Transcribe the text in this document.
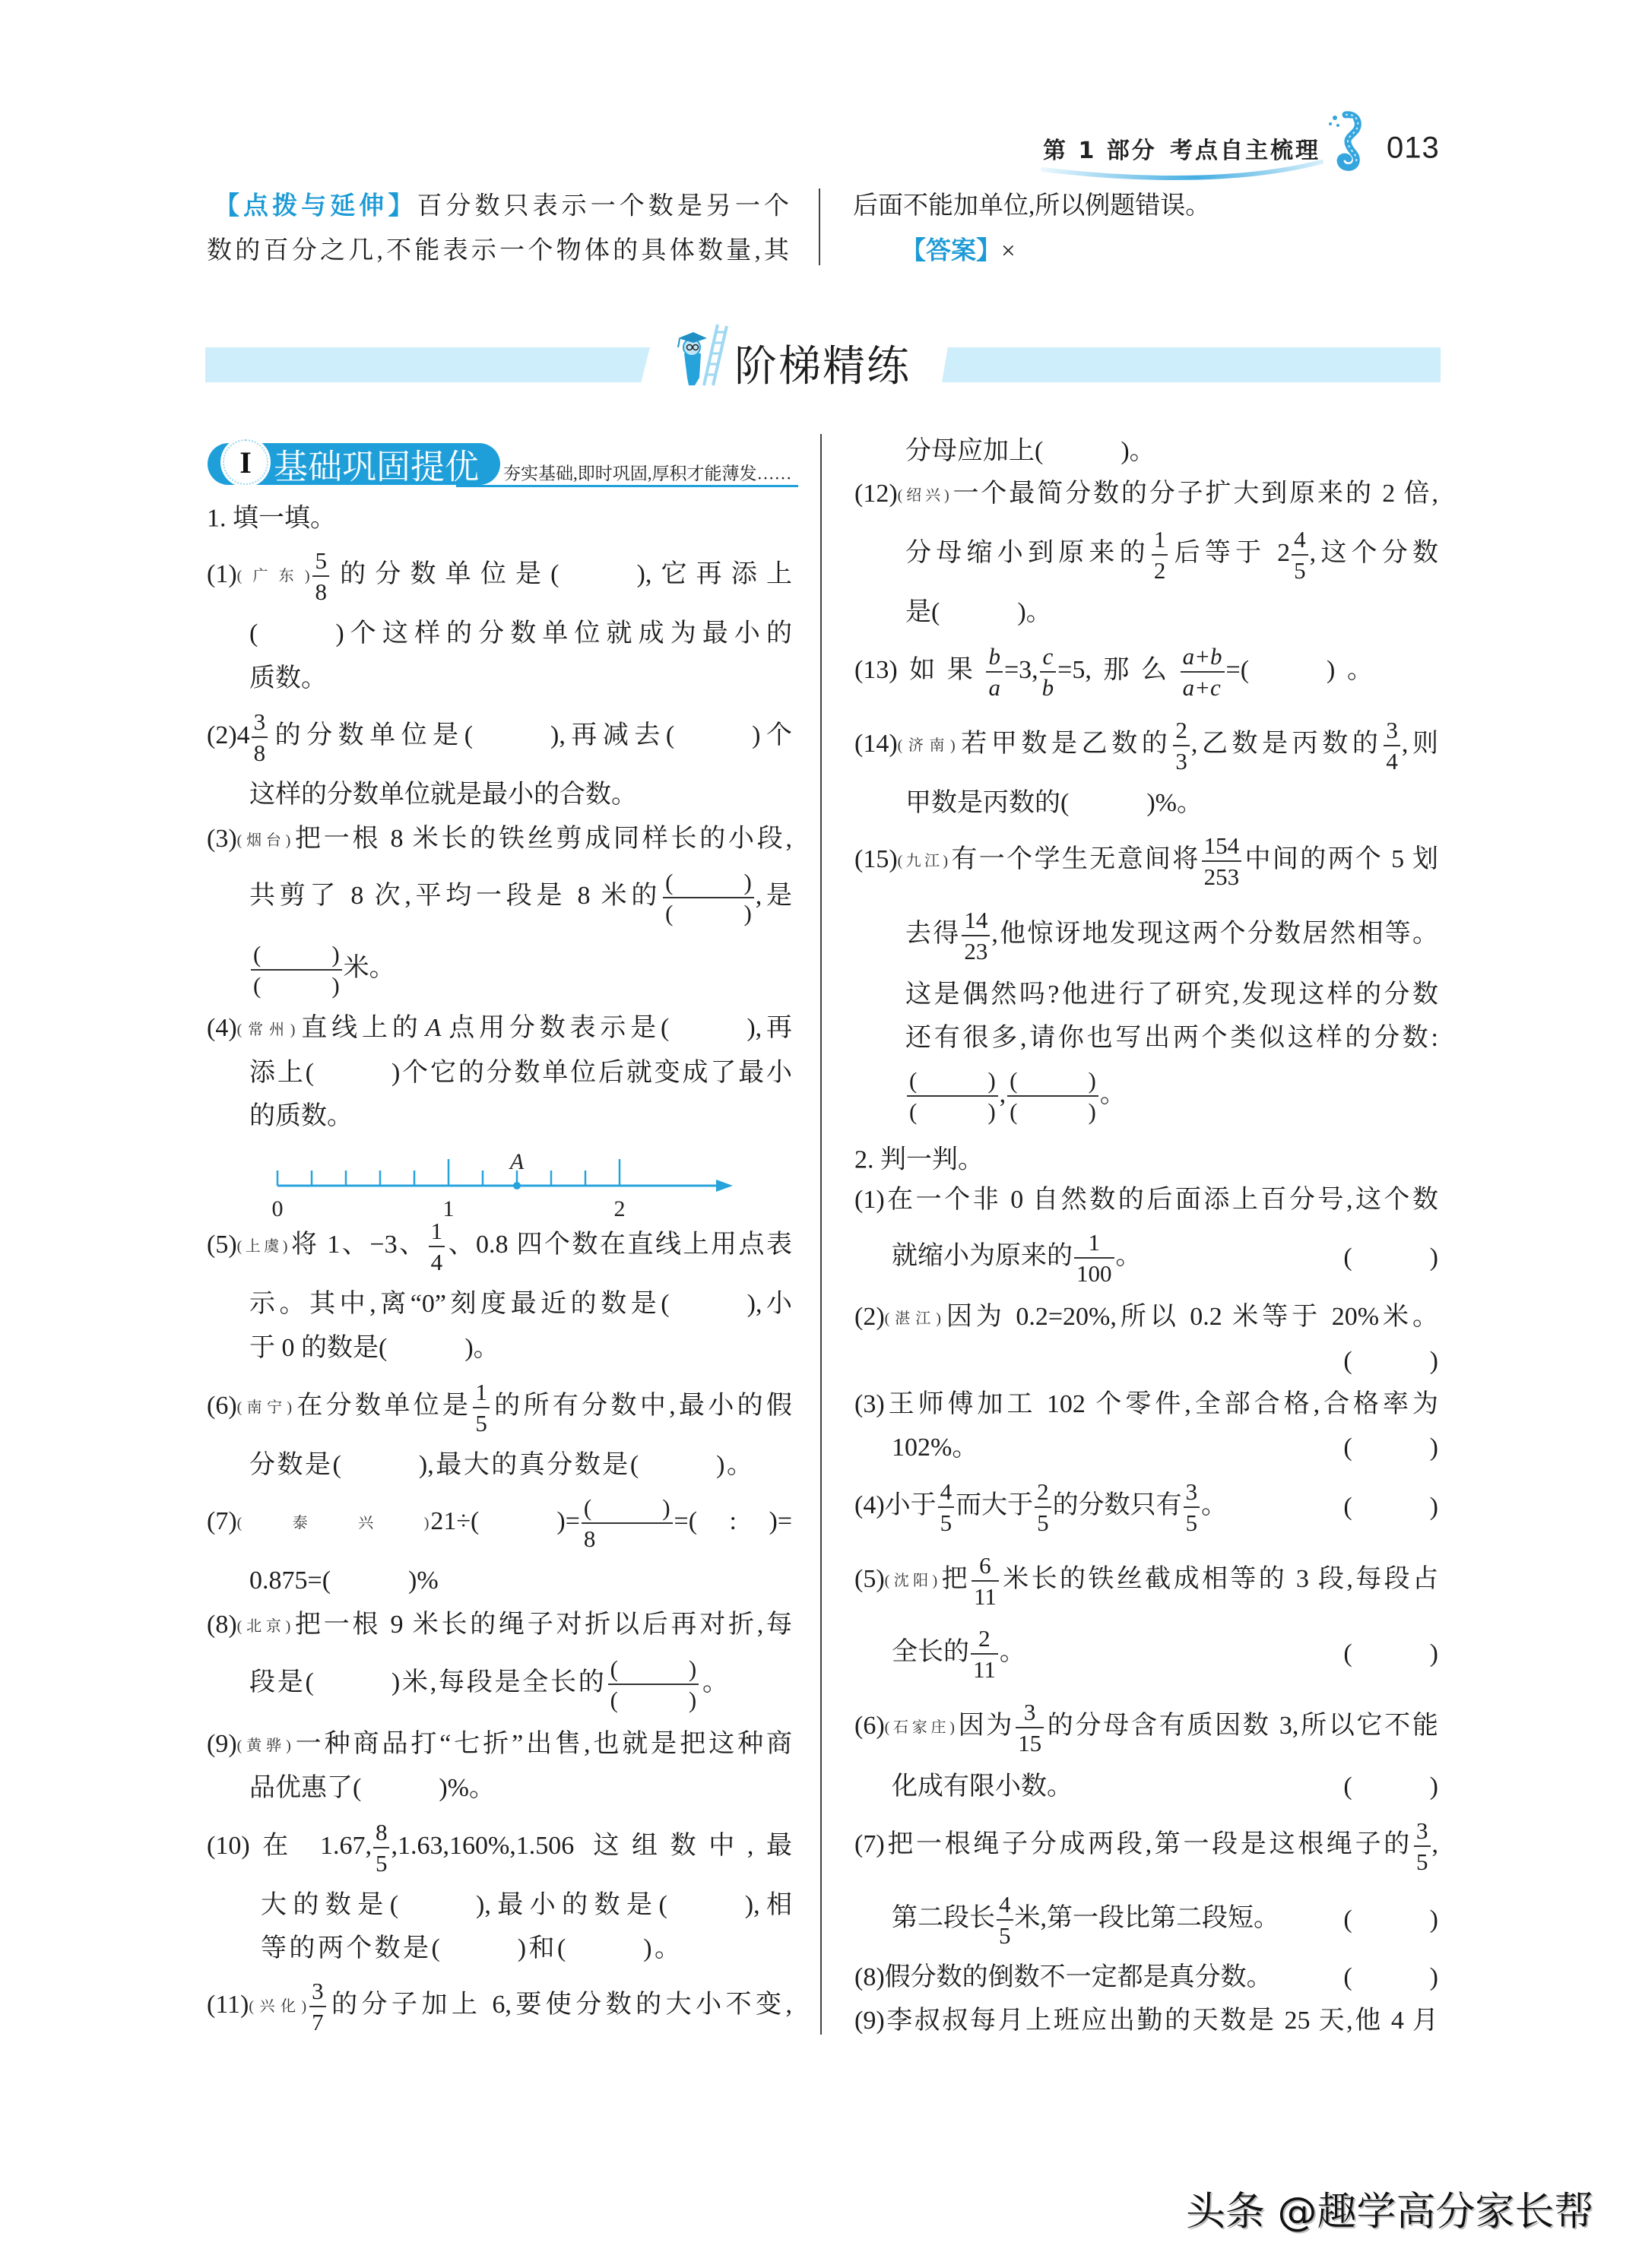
第 1 部分 考点自主梳理 013
【点拨与延伸】百分数只表示一个数是另一个
数的百分之几,不能表示一个物体的具体数量,其
后面不能加单位,所以例题错误。
【答案】×
阶梯精练
I 基础巩固提优 夯实基础,即时巩固,厚积才能薄发……
1. 填一填。
(1)(广东) $\frac{5}{8}$ 的分数单位是(　　　),它再添上
(　　　)个这样的分数单位就成为最小的
质数。
$(2)4 \frac{3}{8}$ 的分数单位是(　　　),再减去(　　　)个
这样的分数单位就是最小的合数。
(3)(烟台)把一根 8 米长的铁丝剪成同样长的小段,
共剪了 8 次,平均一段是 8 米的 $\frac{( )}{( )}$ ,是
$\frac{( )}{( )}$ 米。
(4)(常州)直线上的 A 点用分数表示是(　　　),再
添上(　　　)个它的分数单位后就变成了最小
的质数。
A
0	1	2
(5)(上虞)将 1、−3、 $\frac{1}{4}$ 、0.8 四个数在直线上用点表
示。其中,离“0”刻度最近的数是(　　　),小
于 0 的数是(　　　)。
(6)(南宁)在分数单位是 $\frac{1}{5}$ 的所有分数中,最小的假
分数是(　　　),最大的真分数是(　　　)。
(7)(泰兴)21÷(　　　)= $\frac{( )}{8}$ =(　 : 　)=
0.875=(　　　)%
(8)(北京)把一根 9 米长的绳子对折以后再对折,每
段是(　　　)米,每段是全长的 $\frac{( )}{( )}$ 。
(9)(黄骅)一种商品打“七折”出售,也就是把这种商
品优惠了(　　　)%。
(10)在 1.67, $\frac{8}{5} ,1.63,160\%,1.506$ 这组数中,最
大的数是(　　　),最小的数是(　　　),相
等的两个数是(　　　)和(　　　)。
(11)(兴化) $\frac{3}{7}$ 的分子加上 6,要使分数的大小不变,
分母应加上(　　　)。
(12)(绍兴)一个最简分数的分子扩大到原来的 2 倍,
分母缩小到原来的 $\frac{1}{2}$ 后等于 $2 \frac{4}{5}$ ,这个分数
是(　　　)。
(13)如果 $\frac{b}{a} =3$, $\frac{c}{b} =5$,那么 $\frac{a+b}{a+c}$ =(　　　)。
(14)(济南)若甲数是乙数的 $\frac{2}{3}$ ,乙数是丙数的 $\frac{3}{4}$ ,则
甲数是丙数的(　　　)%。
(15)(九江)有一个学生无意间将 $\frac{154}{253}$ 中间的两个 5 划
去得 $\frac{14}{23}$ ,他惊讶地发现这两个分数居然相等。
这是偶然吗?他进行了研究,发现这样的分数
还有很多,请你也写出两个类似这样的分数:
$\frac{( )}{( )}$ , $\frac{( )}{( )}$ 。
2. 判一判。
(1)在一个非 0 自然数的后面添上百分号,这个数
就缩小为原来的 $\frac{1}{100}$ 。	(　　　)
(2)(湛江)因为 0.2=20%,所以 0.2 米等于 20%米。
(　　　)
(3)王师傅加工 102 个零件,全部合格,合格率为
102%。	(　　　)
(4)小于 $\frac{4}{5}$ 而大于 $\frac{2}{5}$ 的分数只有 $\frac{3}{5}$ 。	(　　　)
(5)(沈阳)把 $\frac{6}{11}$ 米长的铁丝截成相等的 3 段,每段占
全长的 $\frac{2}{11}$ 。	(　　　)
(6)(石家庄)因为 $\frac{3}{15}$ 的分母含有质因数 3,所以它不能
化成有限小数。	(　　　)
(7)把一根绳子分成两段,第一段是这根绳子的 $\frac{3}{5}$ ,
第二段长 $\frac{4}{5}$ 米,第一段比第二段短。 (　　　)
(8)假分数的倒数不一定都是真分数。	(　　　)
(9)李叔叔每月上班应出勤的天数是 25 天,他 4 月
头条 @趣学高分家长帮
